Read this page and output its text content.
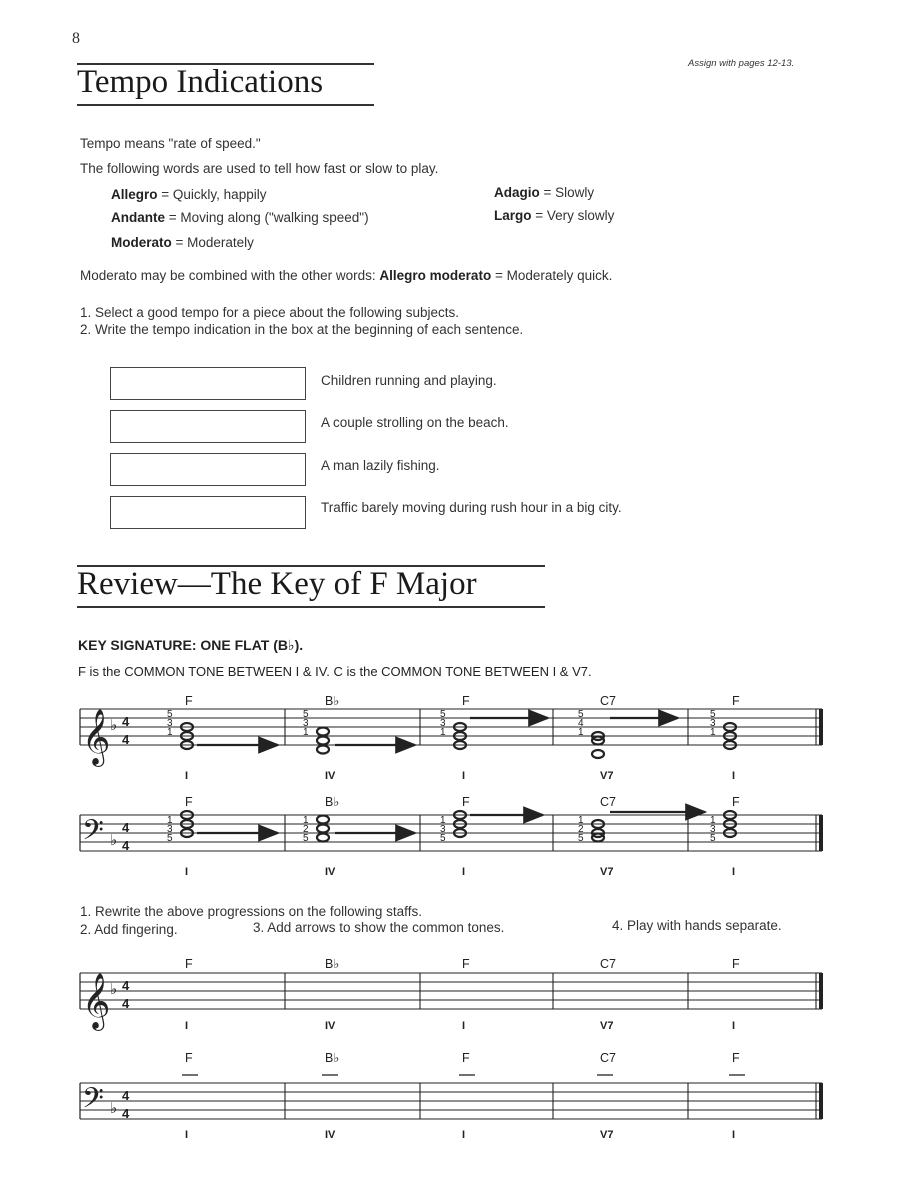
8
Assign with pages 12-13.
Tempo Indications
Tempo means "rate of speed."
The following words are used to tell how fast or slow to play.
Allegro = Quickly, happily
Andante = Moving along ("walking speed")
Moderato = Moderately
Adagio = Slowly
Largo = Very slowly
Moderato may be combined with the other words: Allegro moderato = Moderately quick.
1. Select a good tempo for a piece about the following subjects.
2. Write the tempo indication in the box at the beginning of each sentence.
Children running and playing.
A couple strolling on the beach.
A man lazily fishing.
Traffic barely moving during rush hour in a big city.
Review—The Key of F Major
KEY SIGNATURE: ONE FLAT (B♭).
F is the COMMON TONE BETWEEN I & IV. C is the COMMON TONE BETWEEN I & V7.
𝄞 ♭ 4
4
F
I
B♭
IV
F
I
C7
V7
F
I
5
3
1
5
3
1
5
3
1
5
4
1
5
3
1
𝄢 ♭
4
4
F
I
B♭
IV
F
I
C7
V7
F
I
1
3
5
1
2
5
1
3
5
1
2
5
1
3
5
𝄞 ♭ 4
4
F
I
B♭
IV
F
I
C7
V7
F
I
𝄢 ♭
4
4
F
I
B♭
IV
F
I
C7
V7
F
I
1. Rewrite the above progressions on the following staffs.
2. Add fingering.	3. Add arrows to show the common tones.	4. Play with hands separate.
